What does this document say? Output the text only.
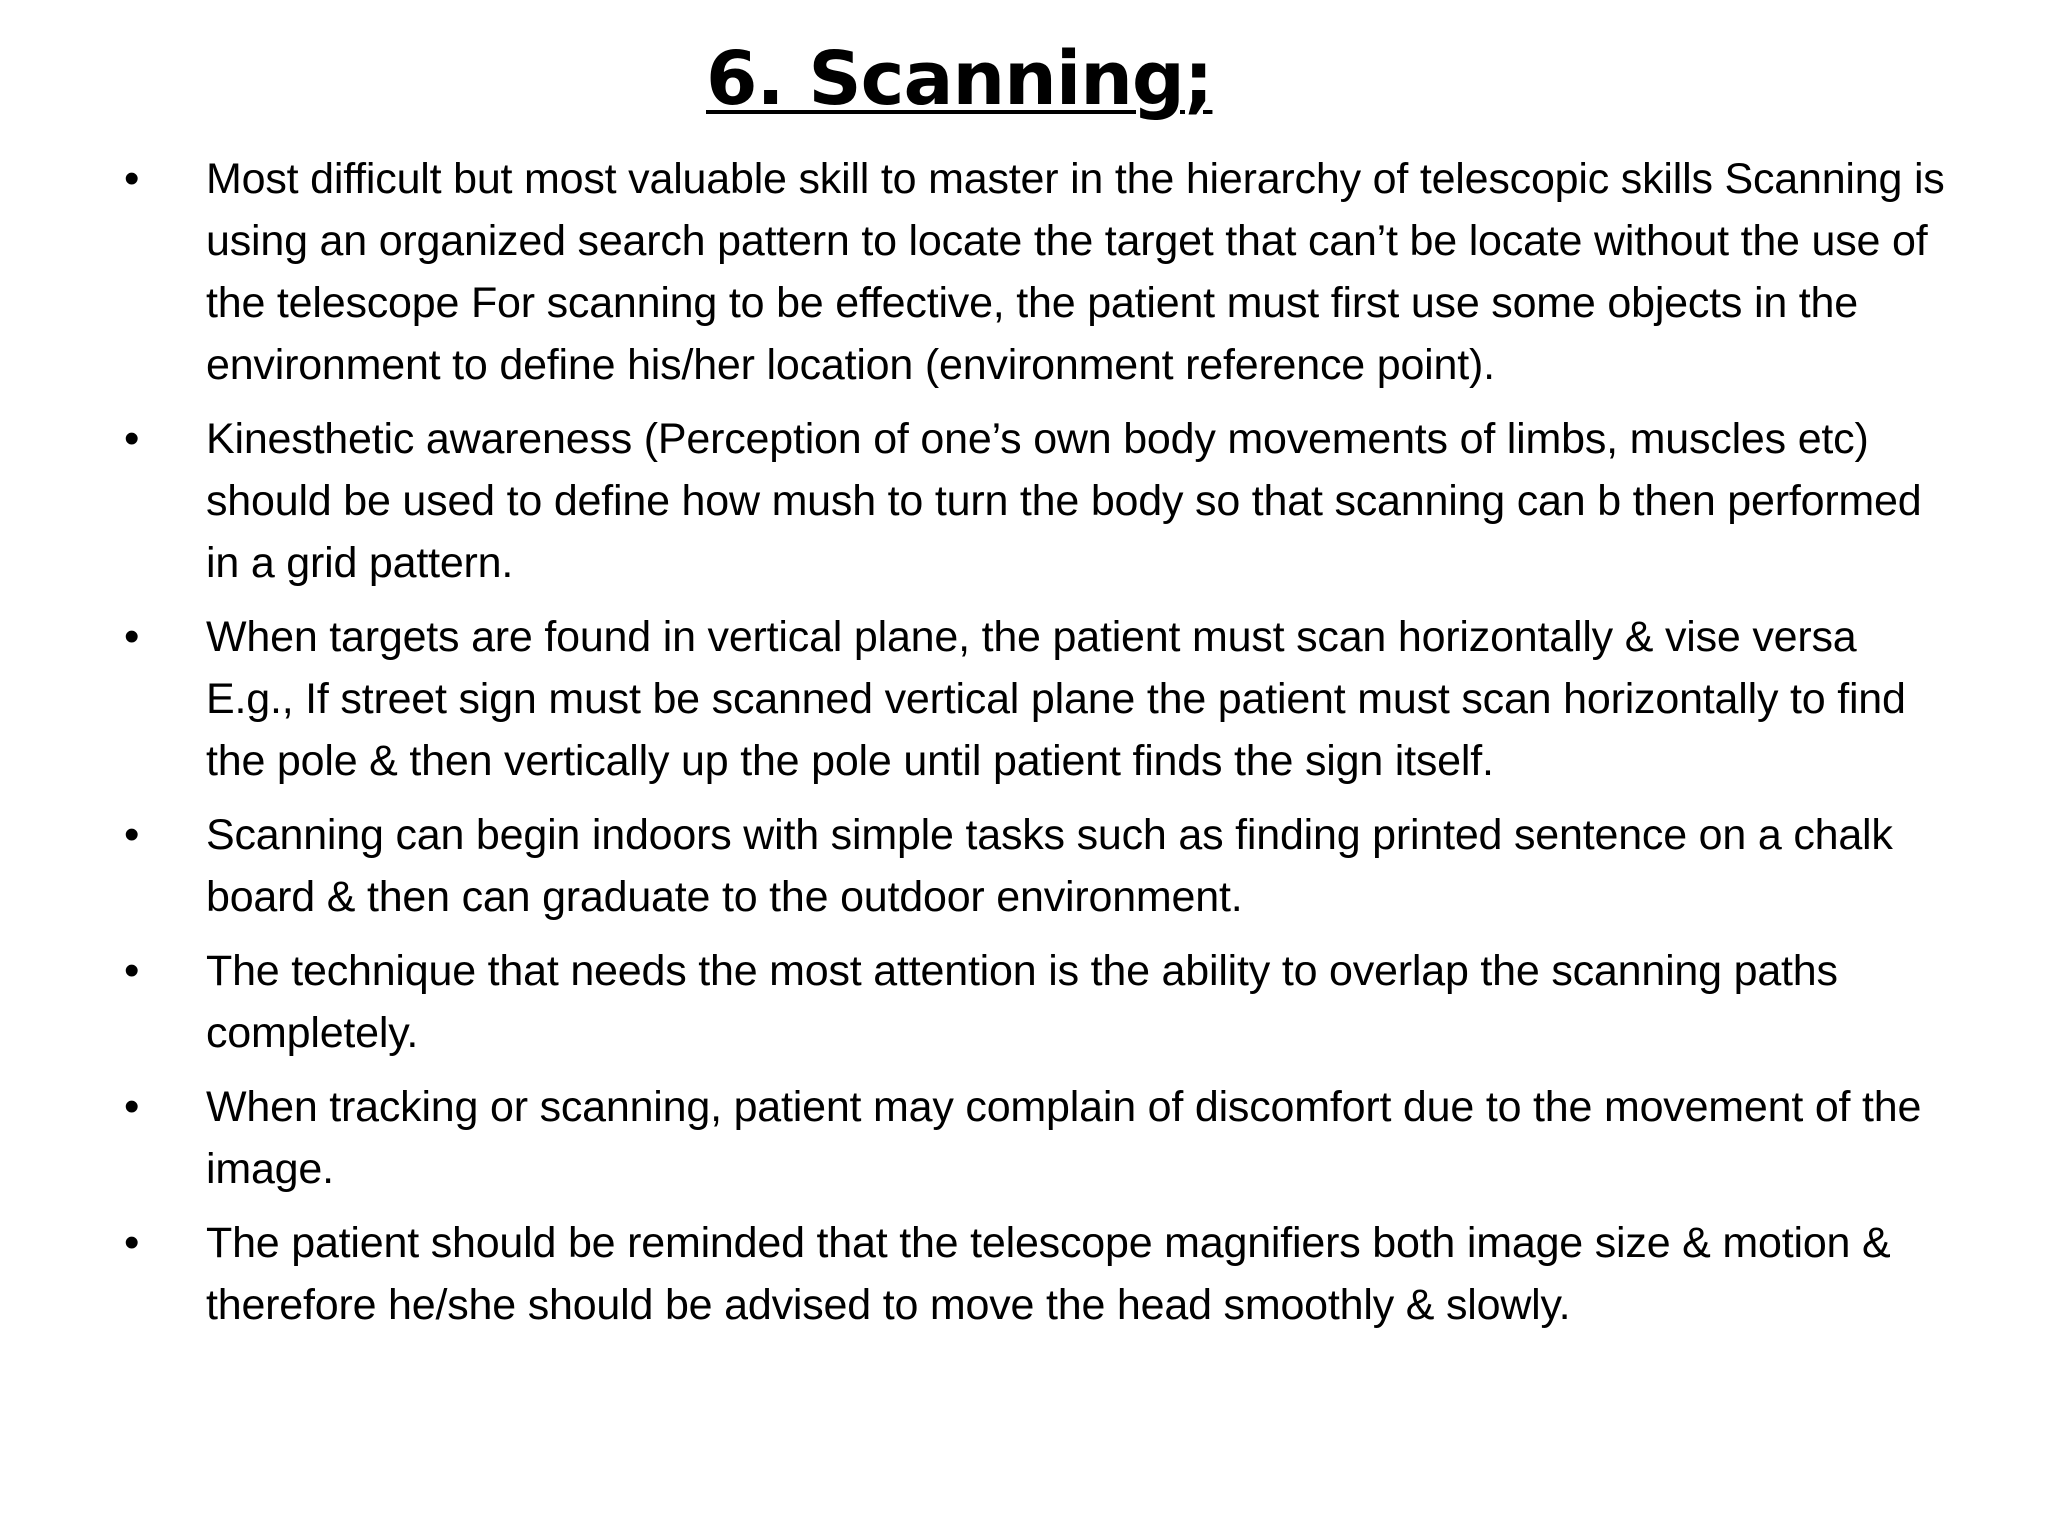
6. Scanning;
•	Most difficult but most valuable skill to master in the hierarchy of telescopic skills Scanning is using an organized search pattern to locate the target that can’t be locate without the use of the telescope For scanning to be effective, the patient must first use some objects in the environment to define his/her location (environment reference point).
•	Kinesthetic awareness (Perception of one’s own body movements of limbs, muscles etc) should be used to define how mush to turn the body so that scanning can b then performed in a grid pattern.
•	When targets are found in vertical plane, the patient must scan horizontally & vise versa E.g., If street sign must be scanned vertical plane the patient must scan horizontally to find the pole & then vertically up the pole until patient finds the sign itself.
•	Scanning can begin indoors with simple tasks such as finding printed sentence on a chalk board & then can graduate to the outdoor environment.
•	The technique that needs the most attention is the ability to overlap the scanning paths completely.
•	When tracking or scanning, patient may complain of discomfort due to the movement of the image.
•	The patient should be reminded that the telescope magnifiers both image size & motion & therefore he/she should be advised to move the head smoothly & slowly.
